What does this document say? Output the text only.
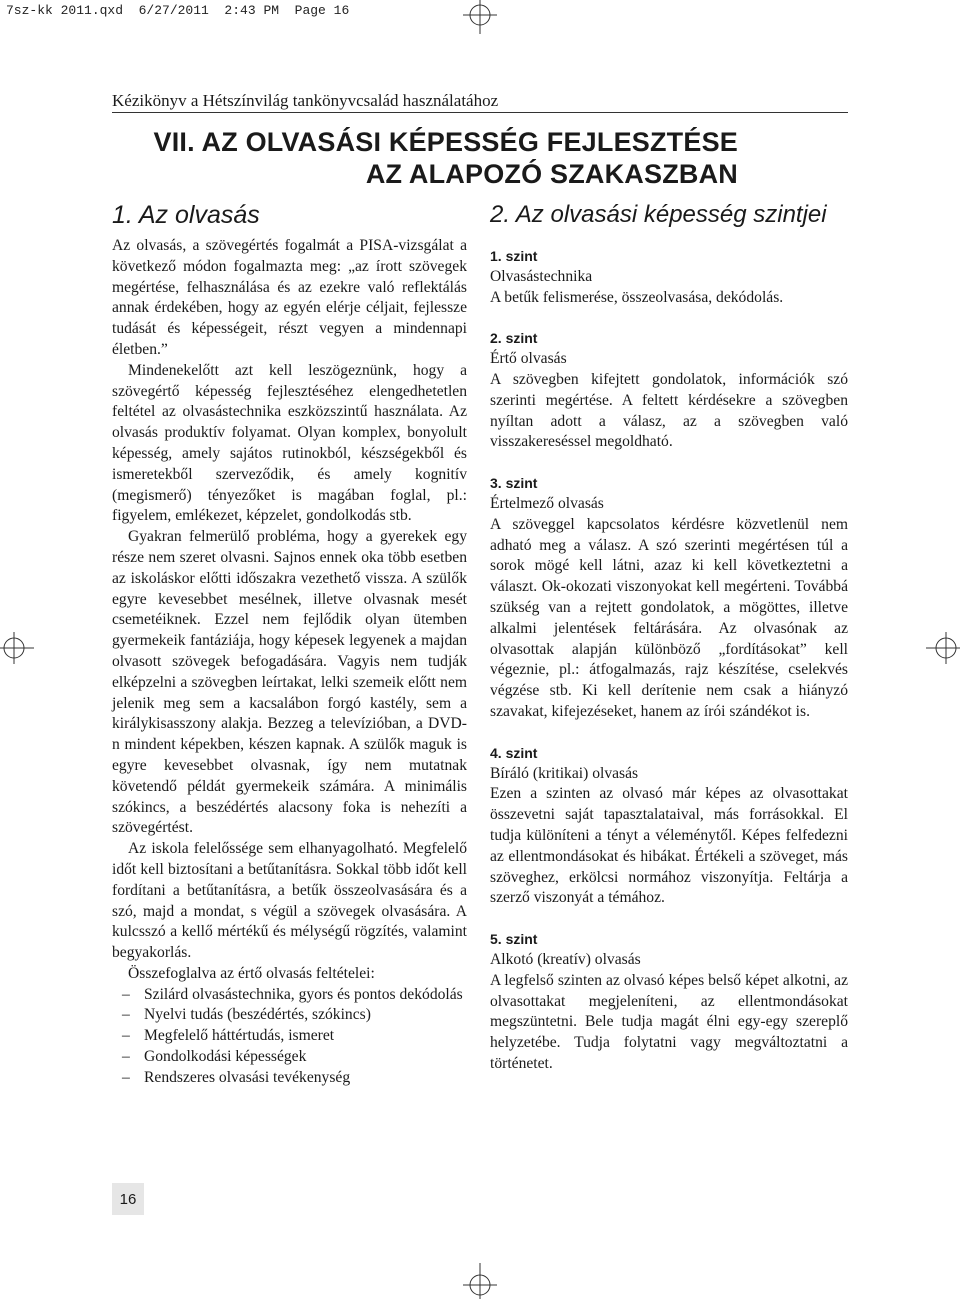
7sz-kk 2011.qxd  6/27/2011  2:43 PM  Page 16
Kézikönyv a Hétszínvilág tankönyvcsalád használatához
VII. AZ OLVASÁSI KÉPESSÉG FEJLESZTÉSE
AZ ALAPOZÓ SZAKASZBAN
1. Az olvasás

Az olvasás, a szövegértés fogalmát a PISA-vizsgálat a következő módon fogalmazta meg: „az írott szövegek megértése, felhasználása és az ezekre való reflektálás annak érdekében, hogy az egyén elérje céljait, fejlessze tudását és képességeit, részt vegyen a mindennapi életben.”

Mindenekelőtt azt kell leszögeznünk, hogy a szövegértő képesség fejlesztéséhez elengedhetetlen feltétel az olvasástechnika eszközszintű használata. Az olvasás produktív folyamat. Olyan komplex, bonyolult képesség, amely sajátos rutinokból, készségekből és ismeretekből szerveződik, és amely kognitív (megismerő) tényezőket is magában foglal, pl.: figyelem, emlékezet, képzelet, gondolkodás stb.

Gyakran felmerülő probléma, hogy a gyerekek egy része nem szeret olvasni. Sajnos ennek oka több esetben az iskoláskor előtti időszakra vezethető vissza. A szülők egyre kevesebbet mesélnek, illetve olvasnak mesét csemetéiknek. Ezzel nem fejlődik olyan ütemben gyermekeik fantáziája, hogy képesek legyenek a majdan olvasott szövegek befogadására. Vagyis nem tudják elképzelni a szövegben leírtakat, lelki szemeik előtt nem jelenik meg sem a kacsalábon forgó kastély, sem a királykisasszony alakja. Bezzeg a televízióban, a DVD-n mindent képekben, készen kapnak. A szülők maguk is egyre kevesebbet olvasnak, így nem mutatnak követendő példát gyermekeik számára. A minimális szókincs, a beszédértés alacsony foka is nehezíti a szövegértést.

Az iskola felelőssége sem elhanyagolható. Megfelelő időt kell biztosítani a betűtanításra. Sokkal több időt kell fordítani a betűtanításra, a betűk összeolvasására és a szó, majd a mondat, s végül a szövegek olvasására. A kulcsszó a kellő mértékű és mélységű rögzítés, valamint begyakorlás.

Összefoglalva az értő olvasás feltételei:

– Szilárd olvasástechnika, gyors és pontos dekódolás
– Nyelvi tudás (beszédértés, szókincs)
– Megfelelő háttértudás, ismeret
– Gondolkodási képességek
– Rendszeres olvasási tevékenység
2. Az olvasási képesség szintjei
1. szint
Olvasástechnika

A betűk felismerése, összeolvasása, dekódolás.

2. szint
Értő olvasás

A szövegben kifejtett gondolatok, információk szó szerinti megértése. A feltett kérdésekre a szövegben nyíltan adott a válasz, az a szövegben való visszakereséssel megoldható.

3. szint
Értelmező olvasás

A szöveggel kapcsolatos kérdésre közvetlenül nem adható meg a válasz. A szó szerinti megértésen túl a sorok mögé kell látni, azaz ki kell következtetni a választ. Ok-okozati viszonyokat kell megérteni. Továbbá szükség van a rejtett gondolatok, a mögöttes, illetve alkalmi jelentések feltárására. Az olvasónak az olvasottak alapján különböző „fordításokat” kell végeznie, pl.: átfogalmazás, rajz készítése, cselekvés végzése stb. Ki kell derítenie nem csak a hiányzó szavakat, kifejezéseket, hanem az írói szándékot is.

4. szint
Bíráló (kritikai) olvasás

Ezen a szinten az olvasó már képes az olvasottakat összevetni saját tapasztalataival, más forrásokkal. El tudja különíteni a tényt a véleménytől. Képes felfedezni az ellentmondásokat és hibákat. Értékeli a szöveget, más szöveghez, erkölcsi normához viszonyítja. Feltárja a szerző viszonyát a témához.

5. szint
Alkotó (kreatív) olvasás

A legfelső szinten az olvasó képes belső képet alkotni, az olvasottakat megjeleníteni, az ellentmondásokat megszüntetni. Bele tudja magát élni egy-egy szereplő helyzetébe. Tudja folytatni vagy megváltoztatni a történetet.

16
